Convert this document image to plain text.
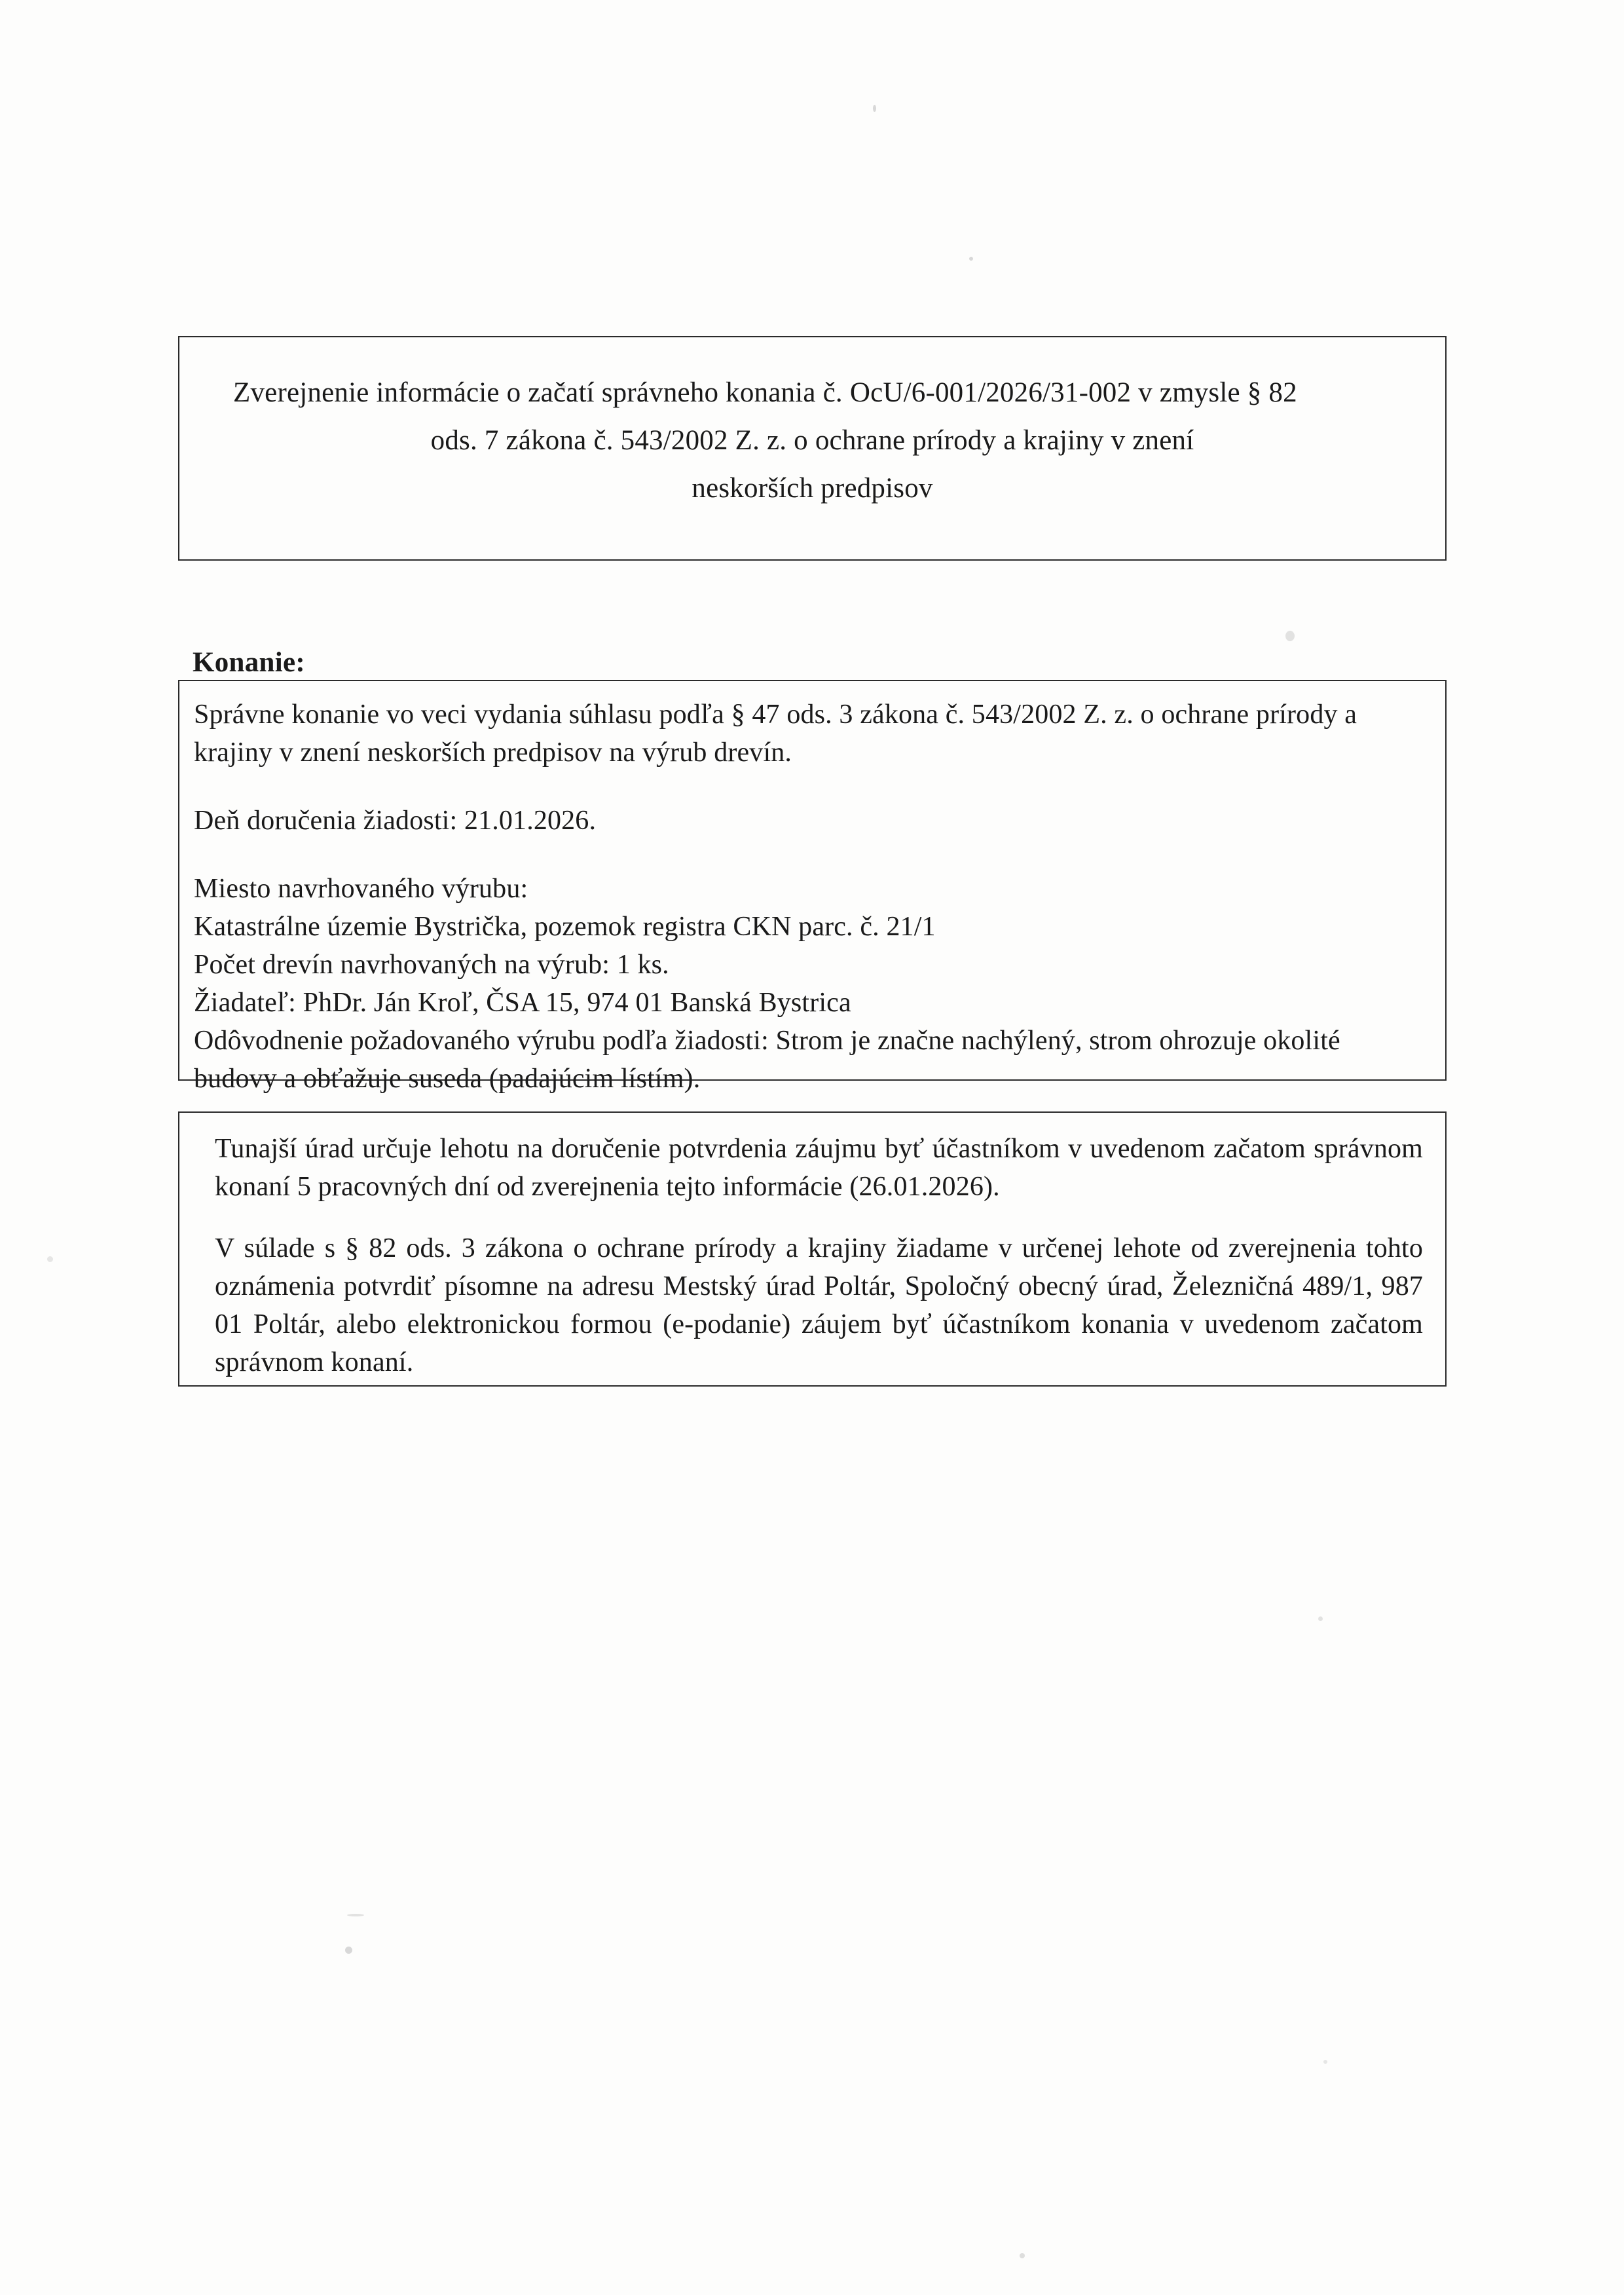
Zverejnenie informácie o začatí správneho konania č. OcU/6-001/2026/31-002 v zmysle § 82
ods. 7 zákona č. 543/2002 Z. z. o ochrane prírody a krajiny v znení
neskorších predpisov
Konanie:

Správne konanie vo veci vydania súhlasu podľa § 47 ods. 3 zákona č. 543/2002 Z. z. o ochrane prírody a krajiny v znení neskorších predpisov na výrub drevín.

Deň doručenia žiadosti: 21.01.2026.

Miesto navrhovaného výrubu:

Katastrálne územie Bystrička, pozemok registra CKN parc. č. 21/1

Počet drevín navrhovaných na výrub: 1 ks.

Žiadateľ: PhDr. Ján Kroľ, ČSA 15, 974 01 Banská Bystrica

Odôvodnenie požadovaného výrubu podľa žiadosti: Strom je značne nachýlený, strom ohrozuje okolité budovy a obťažuje suseda (padajúcim lístím).

Tunajší úrad určuje lehotu na doručenie potvrdenia záujmu byť účastníkom v uvedenom začatom správnom konaní 5 pracovných dní od zverejnenia tejto informácie (26.01.2026).

V súlade s § 82 ods. 3 zákona o ochrane prírody a krajiny žiadame v určenej lehote od zverejnenia tohto oznámenia potvrdiť písomne na adresu Mestský úrad Poltár, Spoločný obecný úrad, Železničná 489/1, 987 01 Poltár, alebo elektronickou formou (e-podanie) záujem byť účastníkom konania v uvedenom začatom správnom konaní.
